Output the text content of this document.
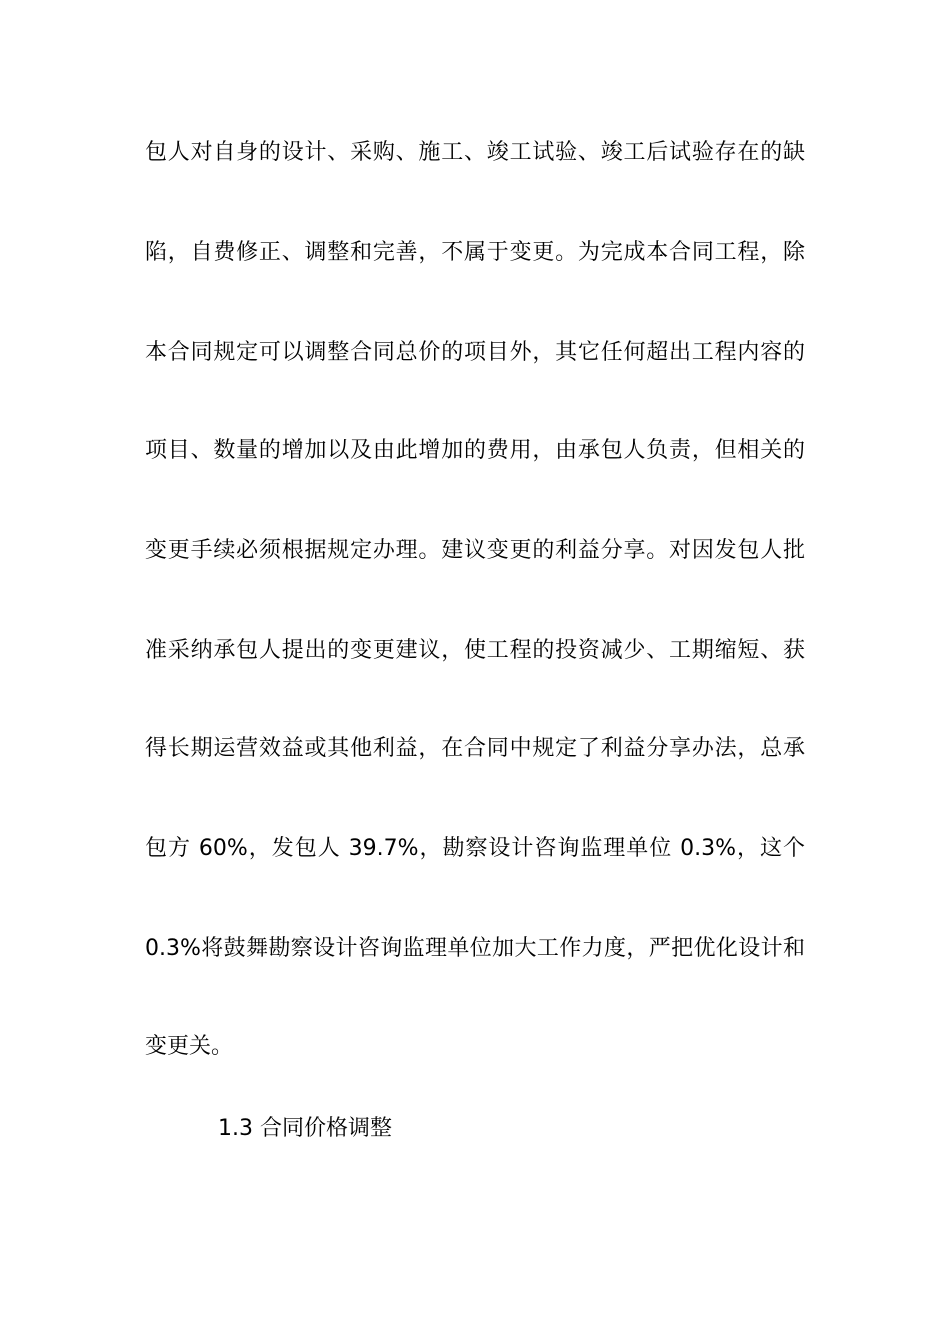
包人对自身的设计、采购、施工、竣工试验、竣工后试验存在的缺
陷，自费修正、调整和完善，不属于变更。为完成本合同工程，除
本合同规定可以调整合同总价的项目外，其它任何超出工程内容的
项目、数量的增加以及由此增加的费用，由承包人负责，但相关的
变更手续必须根据规定办理。建议变更的利益分享。对因发包人批
准采纳承包人提出的变更建议，使工程的投资减少、工期缩短、获
得长期运营效益或其他利益，在合同中规定了利益分享办法，总承
包方 60%，发包人 39.7%，勘察设计咨询监理单位 0.3%，这个
0.3%将鼓舞勘察设计咨询监理单位加大工作力度，严把优化设计和
变更关。
1.3 合同价格调整
